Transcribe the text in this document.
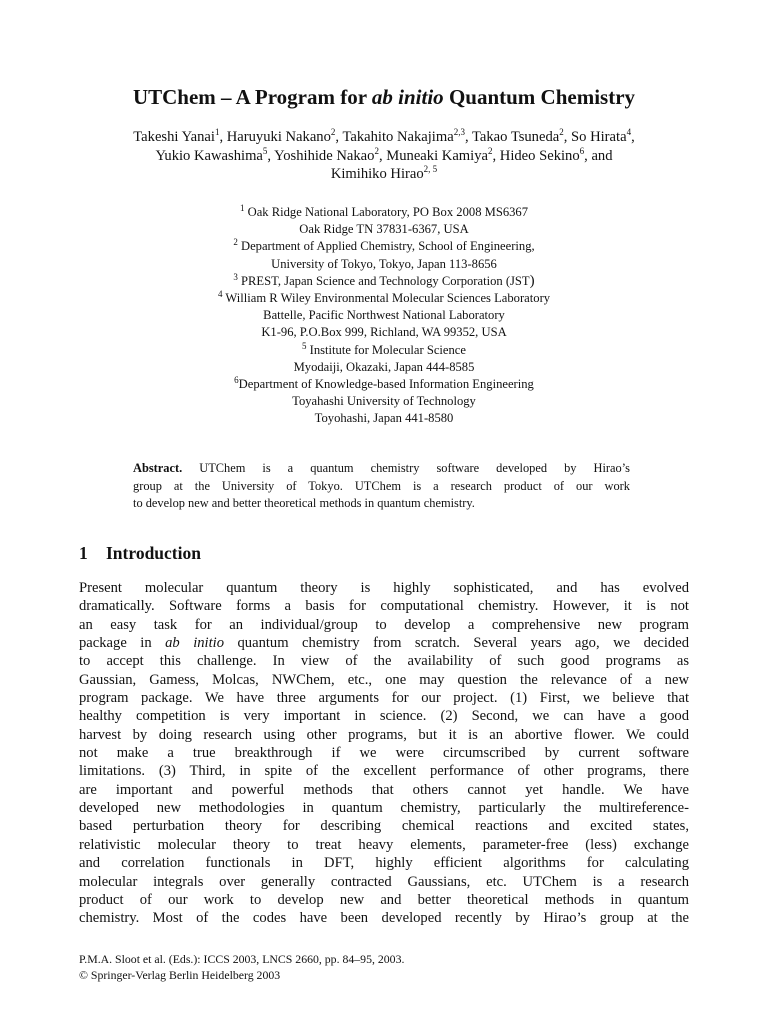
UTChem – A Program for ab initio Quantum Chemistry
Takeshi Yanai$^1$, Haruyuki Nakano$^2$, Takahito Nakajima$^{2,3}$, Takao Tsuneda$^2$, So Hirata$^4$,
Yukio Kawashima$^5$, Yoshihide Nakao$^2$, Muneaki Kamiya$^2$, Hideo Sekino$^6$, and
Kimihiko Hirao$^{2, 5}$
$^1$ Oak Ridge National Laboratory, PO Box 2008 MS6367
Oak Ridge TN 37831-6367, USA
$^2$ Department of Applied Chemistry, School of Engineering,
University of Tokyo, Tokyo, Japan 113-8656
$^3$ PREST, Japan Science and Technology Corporation (JST)
$^4$ William R Wiley Environmental Molecular Sciences Laboratory
Battelle, Pacific Northwest National Laboratory
K1-96, P.O.Box 999, Richland, WA 99352, USA
$^5$ Institute for Molecular Science
Myodaiji, Okazaki, Japan 444-8585
$^6$Department of Knowledge-based Information Engineering
Toyahashi University of Technology
Toyohashi, Japan 441-8580
Abstract. UTChem is a quantum chemistry software developed by Hirao’s
group at the University of Tokyo. UTChem is a research product of our work
to develop new and better theoretical methods in quantum chemistry.
1 Introduction
Present molecular quantum theory is highly sophisticated, and has evolved
dramatically. Software forms a basis for computational chemistry. However, it is not
an easy task for an individual/group to develop a comprehensive new program
package in ab initio quantum chemistry from scratch. Several years ago, we decided
to accept this challenge. In view of the availability of such good programs as
Gaussian, Gamess, Molcas, NWChem, etc., one may question the relevance of a new
program package. We have three arguments for our project. (1) First, we believe that
healthy competition is very important in science. (2) Second, we can have a good
harvest by doing research using other programs, but it is an abortive flower. We could
not make a true breakthrough if we were circumscribed by current software
limitations. (3) Third, in spite of the excellent performance of other programs, there
are important and powerful methods that others cannot yet handle. We have
developed new methodologies in quantum chemistry, particularly the multireference-
based perturbation theory for describing chemical reactions and excited states,
relativistic molecular theory to treat heavy elements, parameter-free (less) exchange
and correlation functionals in DFT, highly efficient algorithms for calculating
molecular integrals over generally contracted Gaussians, etc. UTChem is a research
product of our work to develop new and better theoretical methods in quantum
chemistry. Most of the codes have been developed recently by Hirao’s group at the
P.M.A. Sloot et al. (Eds.): ICCS 2003, LNCS 2660, pp. 84–95, 2003.
© Springer-Verlag Berlin Heidelberg 2003
